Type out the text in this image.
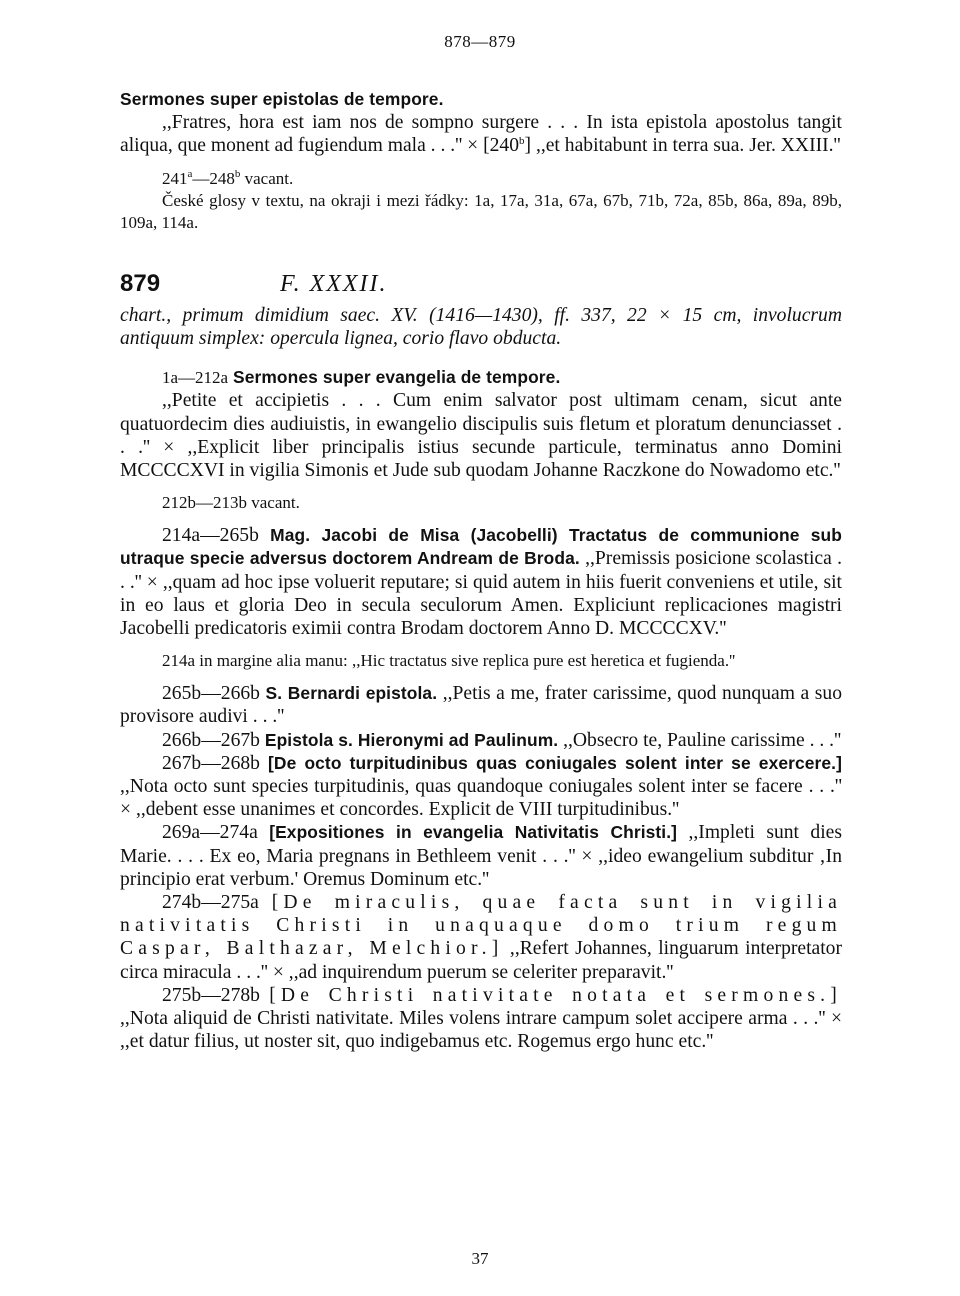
878—879

Sermones super epistolas de tempore.

,,Fratres, hora est iam nos de sompno surgere . . . In ista epistola apostolus tangit aliqua, que monent ad fugiendum mala . . .'' × $[240^b]$ ,,et habitabunt in terra sua. Jer. XXIII.''

241$^a$—248$^b$ vacant.

České glosy v textu, na okraji i mezi řádky: 1a, 17a, 31a, 67a, 67b, 71b, 72a, 85b, 86a, 89a, 89b, 109a, 114a.

879	F. XXXII.

chart., primum dimidium saec. XV. (1416—1430), ff. 337, 22 × 15 cm, involucrum antiquum simplex: opercula lignea, corio flavo obducta.

1a—212a Sermones super evangelia de tempore.

,,Petite et accipietis . . . Cum enim salvator post ultimam cenam, sicut ante quatuordecim dies audiuistis, in ewangelio discipulis suis fletum et ploratum denunciasset . . .'' × ,,Explicit liber principalis istius secunde particule, terminatus anno Domini MCCCCXVI in vigilia Simonis et Jude sub quodam Johanne Raczkone do Nowadomo etc.''

212b—213b vacant.

214a—265b Mag. Jacobi de Misa (Jacobelli) Tractatus de communione sub utraque specie adversus doctorem Andream de Broda. ,,Premissis posicione scolastica . . .'' × ,,quam ad hoc ipse voluerit reputare; si quid autem in hiis fuerit conveniens et utile, sit in eo laus et gloria Deo in secula seculorum Amen. Expliciunt replicaciones magistri Jacobelli predicatoris eximii contra Brodam doctorem Anno D. MCCCCXV.''

214a in margine alia manu: ,,Hic tractatus sive replica pure est heretica et fugienda.''

265b—266b S. Bernardi epistola. ,,Petis a me, frater carissime, quod nunquam a suo provisore audivi . . .''

266b—267b Epistola s. Hieronymi ad Paulinum. ,,Obsecro te, Pauline carissime . . .''

267b—268b [De octo turpitudinibus quas coniugales solent inter se exercere.] ,,Nota octo sunt species turpitudinis, quas quandoque coniugales solent inter se facere . . .'' × ,,debent esse unanimes et concordes. Explicit de VIII turpitudinibus.''

269a—274a [Expositiones in evangelia Nativitatis Christi.] ,,Impleti sunt dies Marie. . . . Ex eo, Maria pregnans in Bethleem venit . . .'' × ,,ideo ewangelium subditur ‚In principio erat verbum.' Oremus Dominum etc.''

274b—275a [De miraculis, quae facta sunt in vigilia nativitatis Christi in unaquaque domo trium regum Caspar, Balthazar, Melchior.] ,,Refert Johannes, linguarum interpretator circa miracula . . .'' × ,,ad inquirendum puerum se celeriter preparavit.''

275b—278b [De Christi nativitate notata et sermones.] ,,Nota aliquid de Christi nativitate. Miles volens intrare campum solet accipere arma . . .'' × ,,et datur filius, ut noster sit, quo indigebamus etc. Rogemus ergo hunc etc.''

37
